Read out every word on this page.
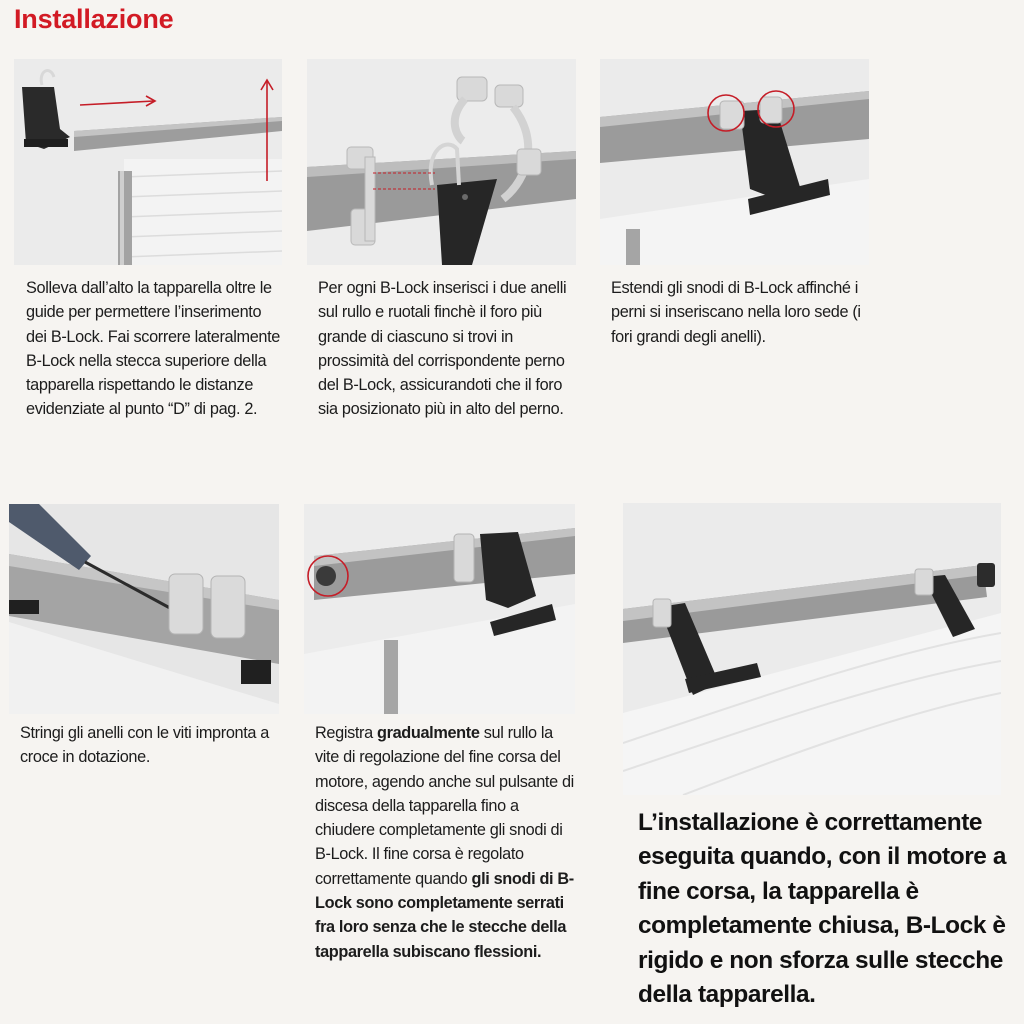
Installazione

Solleva dall’alto la tapparella oltre le guide per permettere l’inserimento dei B-Lock. Fai scorrere lateralmente B-Lock nella stecca superiore della tapparella rispettando le distanze evidenziate al punto “D” di pag. 2.

Per ogni B-Lock inserisci i due anelli sul rullo e ruotali finchè il foro più grande di ciascuno si trovi in prossimità del corrispondente perno del B-Lock, assicurandoti che il foro sia posizionato più in alto del perno.

Estendi gli snodi di B-Lock affinché i perni si inseriscano nella loro sede (i fori grandi degli anelli).

Stringi gli anelli con le viti impronta a croce in dotazione.

Registra gradualmente sul rullo la vite di regolazione del fine corsa del motore, agendo anche sul pulsante di discesa della tapparella fino a chiudere completamente gli snodi di B-Lock. Il fine corsa è regolato correttamente quando gli snodi di B-Lock sono completamente serrati fra loro senza che le stecche della tapparella subiscano flessioni.

L’installazione è correttamente eseguita quando, con il motore a fine corsa, la tapparella è completamente chiusa, B-Lock è rigido e non sforza sulle stecche della tapparella.
